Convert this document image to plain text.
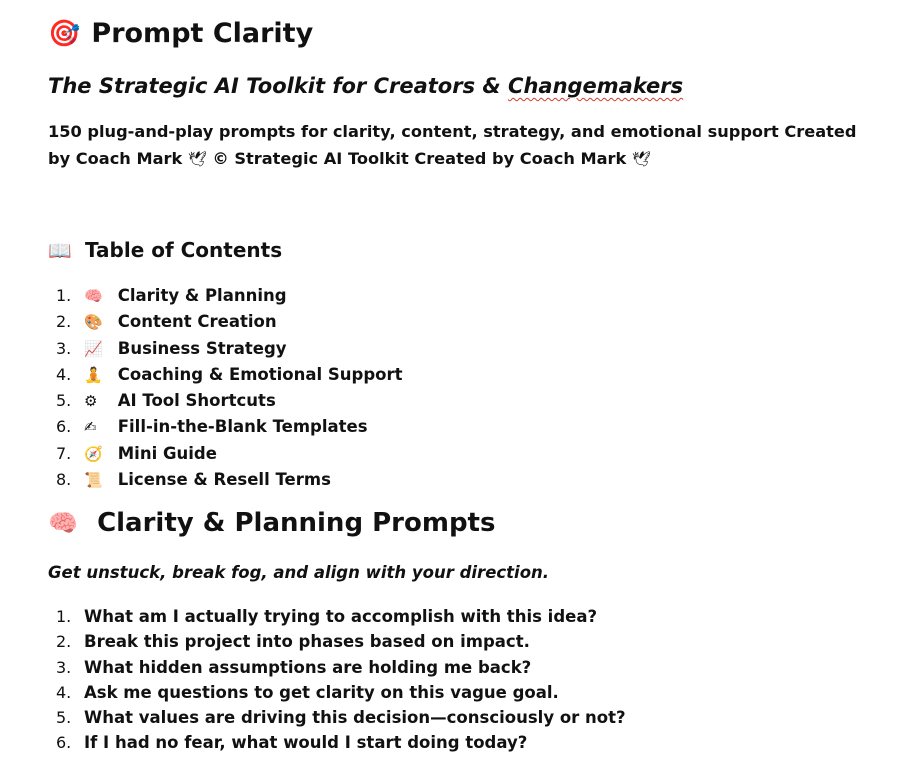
🎯 Prompt Clarity

The Strategic AI Toolkit for Creators & Changemakers

150 plug-and-play prompts for clarity, content, strategy, and emotional support Created by Coach Mark 🕊 © Strategic AI Toolkit Created by Coach Mark 🕊

📖 Table of Contents
1. 🧠 Clarity & Planning
2. 🎨 Content Creation
3. 📈 Business Strategy
4. 🧘 Coaching & Emotional Support
5. ⚙ AI Tool Shortcuts
6. ✍ Fill-in-the-Blank Templates
7. 🧭 Mini Guide
8. 📜 License & Resell Terms
🧠 Clarity & Planning Prompts

Get unstuck, break fog, and align with your direction.

1. What am I actually trying to accomplish with this idea?
2. Break this project into phases based on impact.
3. What hidden assumptions are holding me back?
4. Ask me questions to get clarity on this vague goal.
5. What values are driving this decision—consciously or not?
6. If I had no fear, what would I start doing today?
